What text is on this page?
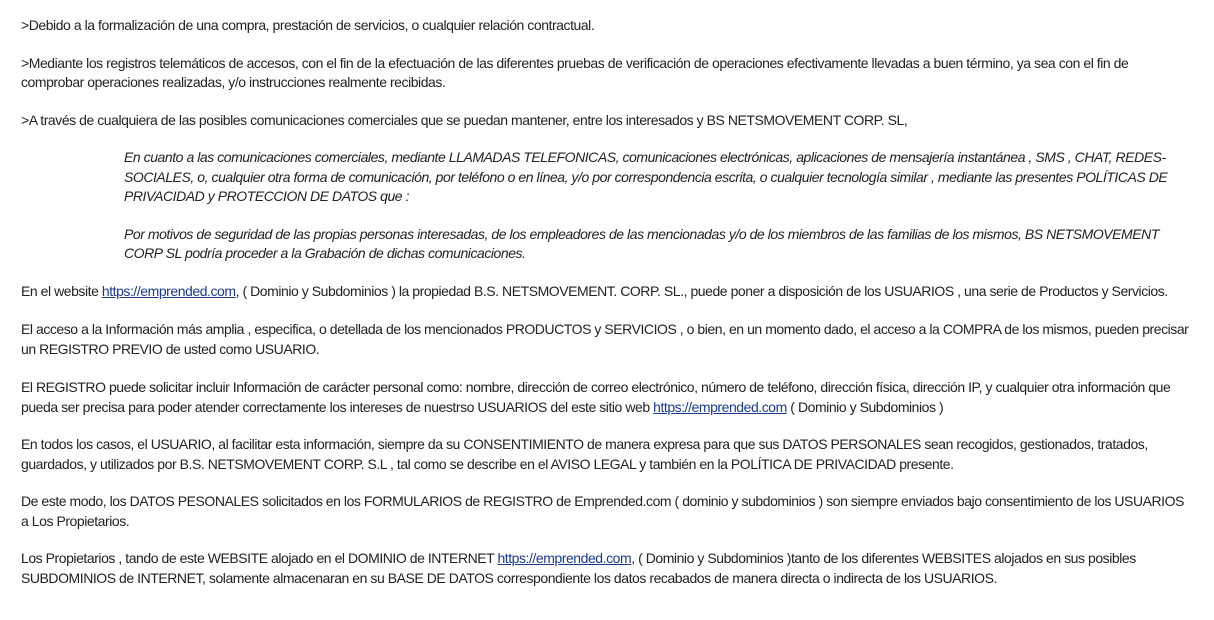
>Debido a la formalización de una compra, prestación de servicios, o cualquier relación contractual.

>Mediante los registros telemáticos de accesos, con el fin de la efectuación de las diferentes pruebas de verificación de operaciones efectivamente llevadas a buen término, ya sea con el fin de comprobar operaciones realizadas, y/o instrucciones realmente recibidas.

>A través de cualquiera de las posibles comunicaciones comerciales que se puedan mantener, entre los interesados y BS NETSMOVEMENT CORP. SL,

En cuanto a las comunicaciones comerciales, mediante LLAMADAS TELEFONICAS, comunicaciones electrónicas, aplicaciones de mensajería instantánea , SMS , CHAT, REDES-SOCIALES, o, cualquier otra forma de comunicación, por teléfono o en línea, y/o por correspondencia escrita, o cualquier tecnología similar , mediante las presentes POLÍTICAS DE PRIVACIDAD y PROTECCION DE DATOS que :

Por motivos de seguridad de las propias personas interesadas, de los empleadores de las mencionadas y/o de los miembros de las familias de los mismos, BS NETSMOVEMENT CORP SL podría proceder a la Grabación de dichas comunicaciones.

En el website https://emprended.com, ( Dominio y Subdominios ) la propiedad B.S. NETSMOVEMENT. CORP. SL., puede poner a disposición de los USUARIOS , una serie de Productos y Servicios.

El acceso a la Información más amplia , especifica, o detellada de los mencionados PRODUCTOS y SERVICIOS , o bien, en un momento dado, el acceso a la COMPRA de los mismos, pueden precisar un REGISTRO PREVIO de usted como USUARIO.

El REGISTRO puede solicitar incluir Información de carácter personal como: nombre, dirección de correo electrónico, número de teléfono, dirección física, dirección IP, y cualquier otra información que pueda ser precisa para poder atender correctamente los intereses de nuestrso USUARIOS del este sitio web https://emprended.com ( Dominio y Subdominios )

En todos los casos, el USUARIO, al facilitar esta información, siempre da su CONSENTIMIENTO de manera expresa para que sus DATOS PERSONALES sean recogidos, gestionados, tratados, guardados, y utilizados por B.S. NETSMOVEMENT CORP. S.L , tal como se describe en el AVISO LEGAL y también en la POLÍTICA DE PRIVACIDAD presente.

De este modo, los DATOS PESONALES solicitados en los FORMULARIOS de REGISTRO de Emprended.com ( dominio y subdominios ) son siempre enviados bajo consentimiento de los USUARIOS a Los Propietarios.

Los Propietarios , tando de este WEBSITE alojado en el DOMINIO de INTERNET https://emprended.com, ( Dominio y Subdominios )tanto de los diferentes WEBSITES alojados en sus posibles SUBDOMINIOS de INTERNET, solamente almacenaran en su BASE DE DATOS correspondiente los datos recabados de manera directa o indirecta de los USUARIOS.
